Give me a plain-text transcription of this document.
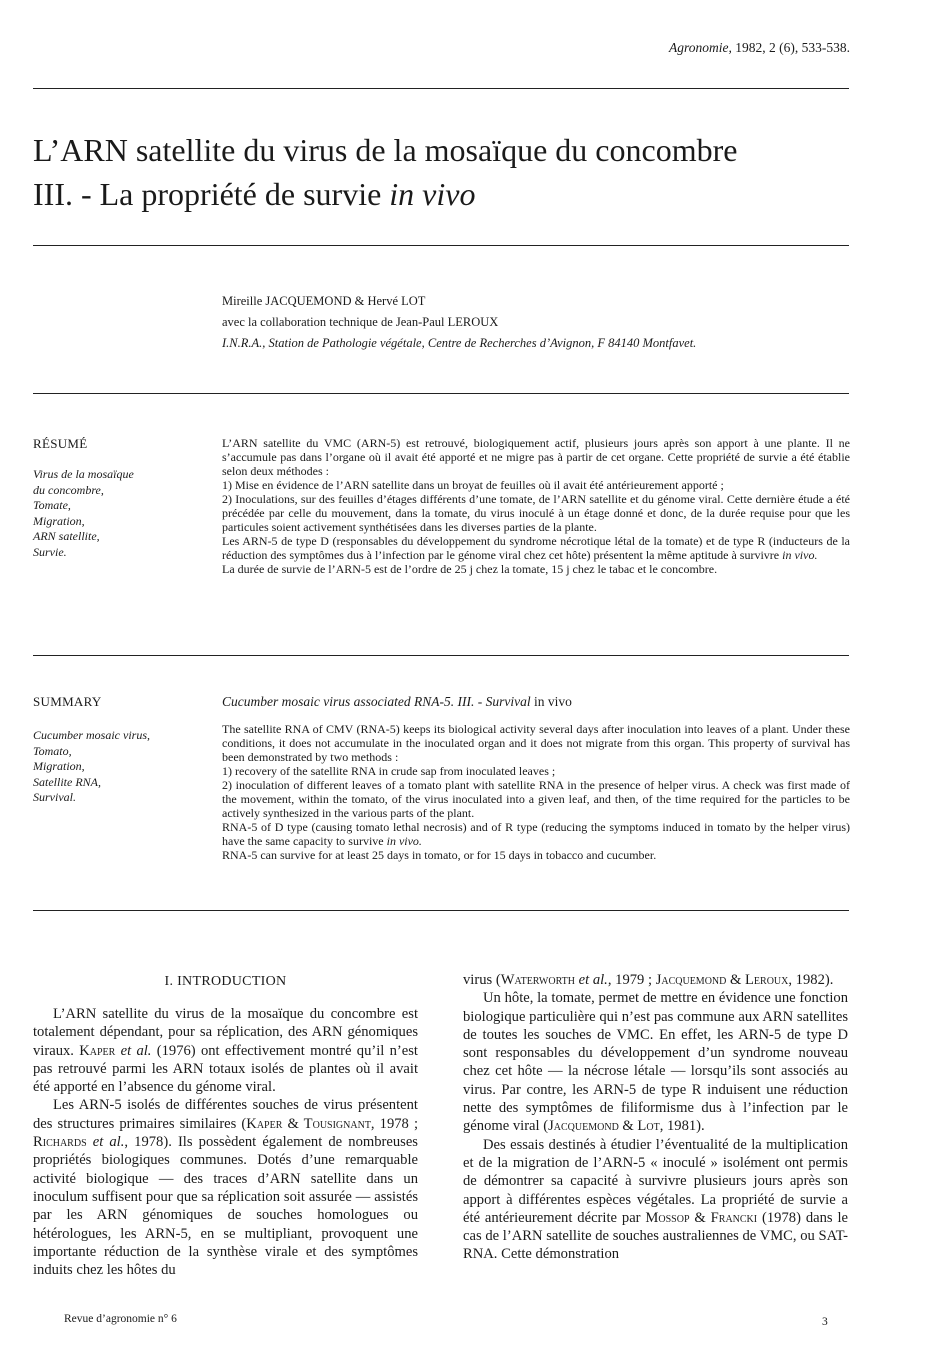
Agronomie, 1982, 2 (6), 533-538.
L’ARN satellite du virus de la mosaïque du concombre
III. - La propriété de survie in vivo
Mireille JACQUEMOND & Hervé LOT
avec la collaboration technique de Jean-Paul LEROUX
I.N.R.A., Station de Pathologie végétale, Centre de Recherches d’Avignon, F 84140 Montfavet.
RÉSUMÉ
Virus de la mosaïque
du concombre,
Tomate,
Migration,
ARN satellite,
Survie.

L’ARN satellite du VMC (ARN-5) est retrouvé, biologiquement actif, plusieurs jours après son apport à une plante. Il ne s’accumule pas dans l’organe où il avait été apporté et ne migre pas à partir de cet organe. Cette propriété de survie a été établie selon deux méthodes :

1) Mise en évidence de l’ARN satellite dans un broyat de feuilles où il avait été antérieurement apporté ;

2) Inoculations, sur des feuilles d’étages différents d’une tomate, de l’ARN satellite et du génome viral. Cette dernière étude a été précédée par celle du mouvement, dans la tomate, du virus inoculé à un étage donné et donc, de la durée requise pour que les particules soient activement synthétisées dans les diverses parties de la plante.

Les ARN-5 de type D (responsables du développement du syndrome nécrotique létal de la tomate) et de type R (inducteurs de la réduction des symptômes dus à l’infection par le génome viral chez cet hôte) présentent la même aptitude à survivre in vivo.

La durée de survie de l’ARN-5 est de l’ordre de 25 j chez la tomate, 15 j chez le tabac et le concombre.

SUMMARY
Cucumber mosaic virus,
Tomato,
Migration,
Satellite RNA,
Survival.
Cucumber mosaic virus associated RNA-5. III. - Survival in vivo

The satellite RNA of CMV (RNA-5) keeps its biological activity several days after inoculation into leaves of a plant. Under these conditions, it does not accumulate in the inoculated organ and it does not migrate from this organ. This property of survival has been demonstrated by two methods :

1) recovery of the satellite RNA in crude sap from inoculated leaves ;

2) inoculation of different leaves of a tomato plant with satellite RNA in the presence of helper virus. A check was first made of the movement, within the tomato, of the virus inoculated into a given leaf, and then, of the time required for the particles to be actively synthesized in the various parts of the plant.

RNA-5 of D type (causing tomato lethal necrosis) and of R type (reducing the symptoms induced in tomato by the helper virus) have the same capacity to survive in vivo.

RNA-5 can survive for at least 25 days in tomato, or for 15 days in tobacco and cucumber.

I. INTRODUCTION

L’ARN satellite du virus de la mosaïque du concombre est totalement dépendant, pour sa réplication, des ARN génomiques viraux. Kaper et al. (1976) ont effectivement montré qu’il n’est pas retrouvé parmi les ARN totaux isolés de plantes où il avait été apporté en l’absence du génome viral.

Les ARN-5 isolés de différentes souches de virus présentent des structures primaires similaires (Kaper & Tousignant, 1978 ; Richards et al., 1978). Ils possèdent également de nombreuses propriétés biologiques communes. Dotés d’une remarquable activité biologique — des traces d’ARN satellite dans un inoculum suffisent pour que sa réplication soit assurée — assistés par les ARN génomiques de souches homologues ou hétérologues, les ARN-5, en se multipliant, provoquent une importante réduction de la synthèse virale et des symptômes induits chez les hôtes du

virus (Waterworth et al., 1979 ; Jacquemond & Leroux, 1982).

Un hôte, la tomate, permet de mettre en évidence une fonction biologique particulière qui n’est pas commune aux ARN satellites de toutes les souches de VMC. En effet, les ARN-5 de type D sont responsables du développement d’un syndrome nouveau chez cet hôte — la nécrose létale — lorsqu’ils sont associés au virus. Par contre, les ARN-5 de type R induisent une réduction nette des symptômes de filiformisme dus à l’infection par le génome viral (Jacquemond & Lot, 1981).

Des essais destinés à étudier l’éventualité de la multiplication et de la migration de l’ARN-5 « inoculé » isolément ont permis de démontrer sa capacité à survivre plusieurs jours après son apport à différentes espèces végétales. La propriété de survie a été antérieurement décrite par Mossop & Francki (1978) dans le cas de l’ARN satellite de souches australiennes de VMC, ou SAT-RNA. Cette démonstration

Revue d’agronomie n° 6	3
